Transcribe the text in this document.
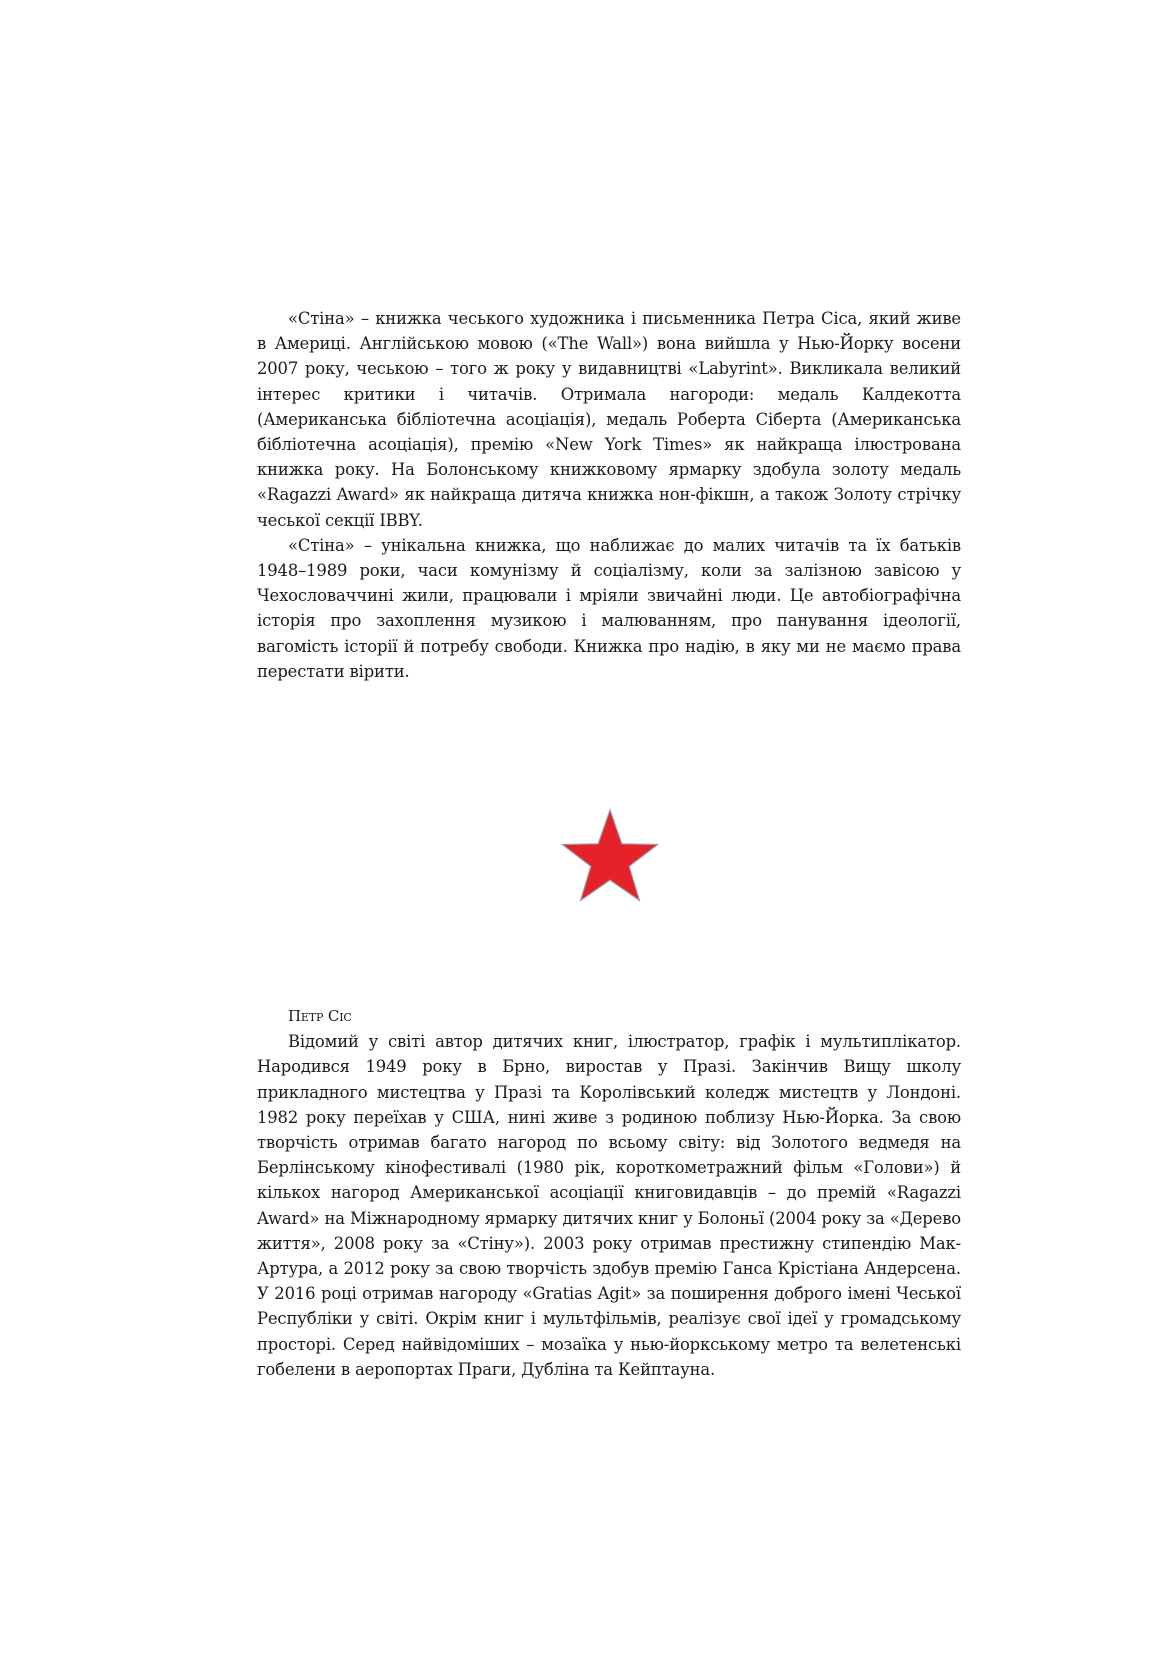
«Стіна» – книжка чеського художника і письменника Петра Сіса, який живе в Америці. Англійською мовою («The Wall») вона вийшла у Нью-Йорку восени 2007 року, чеською – того ж року у видавництві «Labyrint». Викликала великий інтерес критики і читачів. Отримала нагороди: медаль Калдекотта (Американська бібліотечна асоціація), медаль Роберта Сіберта (Американська бібліотечна асоціація), премію «New York Times» як найкраща ілюстрована книжка року. На Болонському книжковому ярмарку здобула золоту медаль «Ragazzi Award» як найкраща дитяча книжка нон-фікшн, а також Золоту стрічку чеської секції IBBY.

«Стіна» – унікальна книжка, що наближає до малих читачів та їх батьків 1948–1989 роки, часи комунізму й соціалізму, коли за залізною завісою у Чехословаччині жили, працювали і мріяли звичайні люди. Це автобіографічна історія про захоплення музикою і малюванням, про панування ідеології, вагомість історії й потребу свободи. Книжка про надію, в яку ми не маємо права перестати вірити.

Петр Сіс

Відомий у світі автор дитячих книг, ілюстратор, графік і мультиплікатор. Народився 1949 року в Брно, виростав у Празі. Закінчив Вищу школу прикладного мистецтва у Празі та Королівський коледж мистецтв у Лондоні. 1982 року переїхав у США, нині живе з родиною поблизу Нью-Йорка. За свою творчість отримав багато нагород по всьому світу: від Золотого ведмедя на Берлінському кінофестивалі (1980 рік, короткометражний фільм «Голови») й кількох нагород Американської асоціації книговидавців – до премій «Ragazzi Award» на Міжнародному ярмарку дитячих книг у Болоньї (2004 року за «Дерево життя», 2008 року за «Стіну»). 2003 року отримав престижну стипендію Мак-Артура, а 2012 року за свою творчість здобув премію Ганса Крістіана Андерсена. У 2016 році отримав нагороду «Gratias Agit» за поширення доброго імені Чеської Республіки у світі. Окрім книг і мультфільмів, реалізує свої ідеї у громадському просторі. Серед найвідоміших – мозаїка у нью-йоркському метро та велетенські гобелени в аеропортах Праги, Дубліна та Кейптауна.
